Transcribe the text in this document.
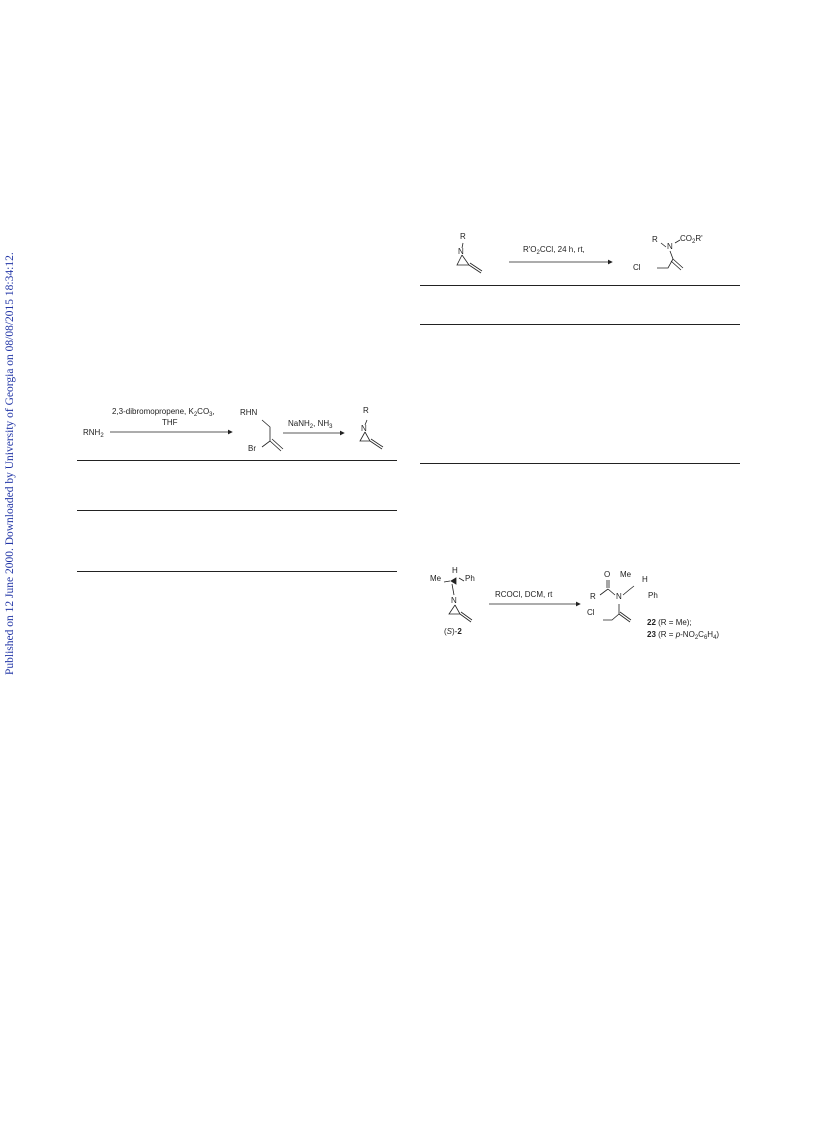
Published on 12 June 2000. Downloaded by University of Georgia on 08/08/2015 18:34:12.	$RNH_2$
2,3-dibromopropene, $K_2CO_3$,
THF
RHN
Br
NaNH$_2$, $NH_3$
R
N
R
N	$R'O_2CCl$, 24 h, rt,
R
N
$CO_2R'$
Cl
H
Me	Ph
N
(S)-2
RCOCl, DCM, rt
O
R	N
Me
H
Ph
Cl
22 (R = Me);
23 $(R = p-NO_2C_6H_4)$
